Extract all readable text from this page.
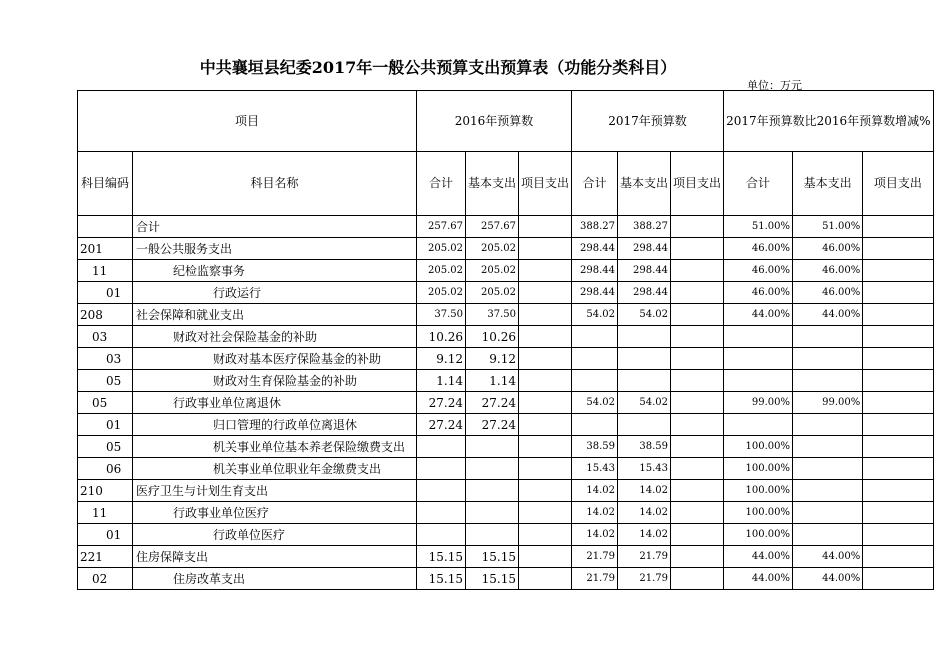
中共襄垣县纪委2017年一般公共预算支出预算表（功能分类科目）
单位：万元
项目		2016年预算数			2017年预算数			2017年预算数比2016年预算数增减%		
科目编码	科目名称	合计	基本支出	项目支出	合计	基本支出	项目支出	合计	基本支出	项目支出
	合计	257.67	257.67		388.27	388.27		51.00%	51.00%	
201	一般公共服务支出	205.02	205.02		298.44	298.44		46.00%	46.00%	
11	纪检监察事务	205.02	205.02		298.44	298.44		46.00%	46.00%	
01	行政运行	205.02	205.02		298.44	298.44		46.00%	46.00%	
208	社会保障和就业支出	37.50	37.50		54.02	54.02		44.00%	44.00%	
03	财政对社会保险基金的补助	10.26	10.26							
03	财政对基本医疗保险基金的补助	9.12	9.12							
05	财政对生育保险基金的补助	1.14	1.14							
05	行政事业单位离退休	27.24	27.24		54.02	54.02		99.00%	99.00%	
01	归口管理的行政单位离退休	27.24	27.24							
05	机关事业单位基本养老保险缴费支出				38.59	38.59		100.00%		
06	机关事业单位职业年金缴费支出				15.43	15.43		100.00%		
210	医疗卫生与计划生育支出				14.02	14.02		100.00%		
11	行政事业单位医疗				14.02	14.02		100.00%		
01	行政单位医疗				14.02	14.02		100.00%		
221	住房保障支出	15.15	15.15		21.79	21.79		44.00%	44.00%	
02	住房改革支出	15.15	15.15		21.79	21.79		44.00%	44.00%	
